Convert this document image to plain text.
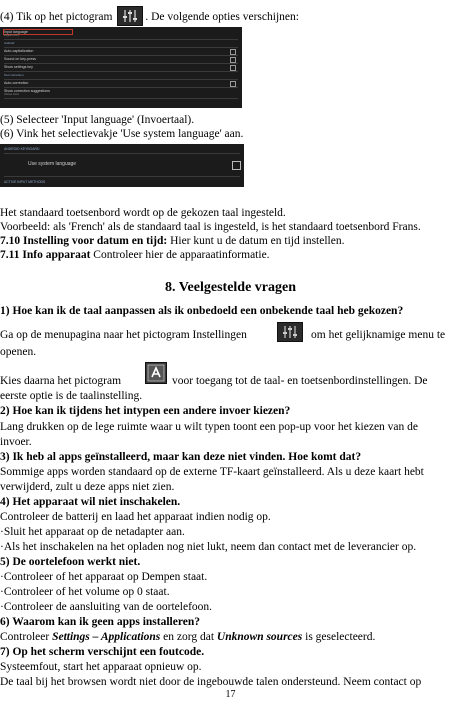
(4) Tik op het pictogram	. De volgende opties verschijnen:
Input language
English (UK)
Android
Auto-capitalization
Sound on key-press
Show settings key
Text correction
Auto-correction
Show correction suggestions
Always show
(5) Selecteer 'Input language' (Invoertaal).
(6) Vink het selectievakje 'Use system language' aan.
ANDROID KEYBOARD
Use system language
ACTIVE INPUT METHODS
Het standaard toetsenbord wordt op de gekozen taal ingesteld.
Voorbeeld: als 'French' als de standaard taal is ingesteld, is het standaard toetsenbord Frans.
7.10 Instelling voor datum en tijd: Hier kunt u de datum en tijd instellen.
7.11 Info apparaat Controleer hier de apparaatinformatie.
8. Veelgestelde vragen
1) Hoe kan ik de taal aanpassen als ik onbedoeld een onbekende taal heb gekozen?
Ga op de menupagina naar het pictogram Instellingen	om het gelijknamige menu te
openen.
Kies daarna het pictogram	voor toegang tot de taal- en toetsenbordinstellingen. De
eerste optie is de taalinstelling.
2) Hoe kan ik tijdens het intypen een andere invoer kiezen?
Lang drukken op de lege ruimte waar u wilt typen toont een pop-up voor het kiezen van de
invoer.
3) Ik heb al apps geïnstalleerd, maar kan deze niet vinden. Hoe komt dat?
Sommige apps worden standaard op de externe TF-kaart geïnstalleerd. Als u deze kaart hebt
verwijderd, zult u deze apps niet zien.
4) Het apparaat wil niet inschakelen.
Controleer de batterij en laad het apparaat indien nodig op.
·Sluit het apparaat op de netadapter aan.
·Als het inschakelen na het opladen nog niet lukt, neem dan contact met de leverancier op.
5) De oortelefoon werkt niet.
·Controleer of het apparaat op Dempen staat.
·Controleer of het volume op 0 staat.
·Controleer de aansluiting van de oortelefoon.
6) Waarom kan ik geen apps installeren?
Controleer Settings – Applications en zorg dat Unknown sources is geselecteerd.
7) Op het scherm verschijnt een foutcode.
Systeemfout, start het apparaat opnieuw op.
De taal bij het browsen wordt niet door de ingebouwde talen ondersteund. Neem contact op
17
